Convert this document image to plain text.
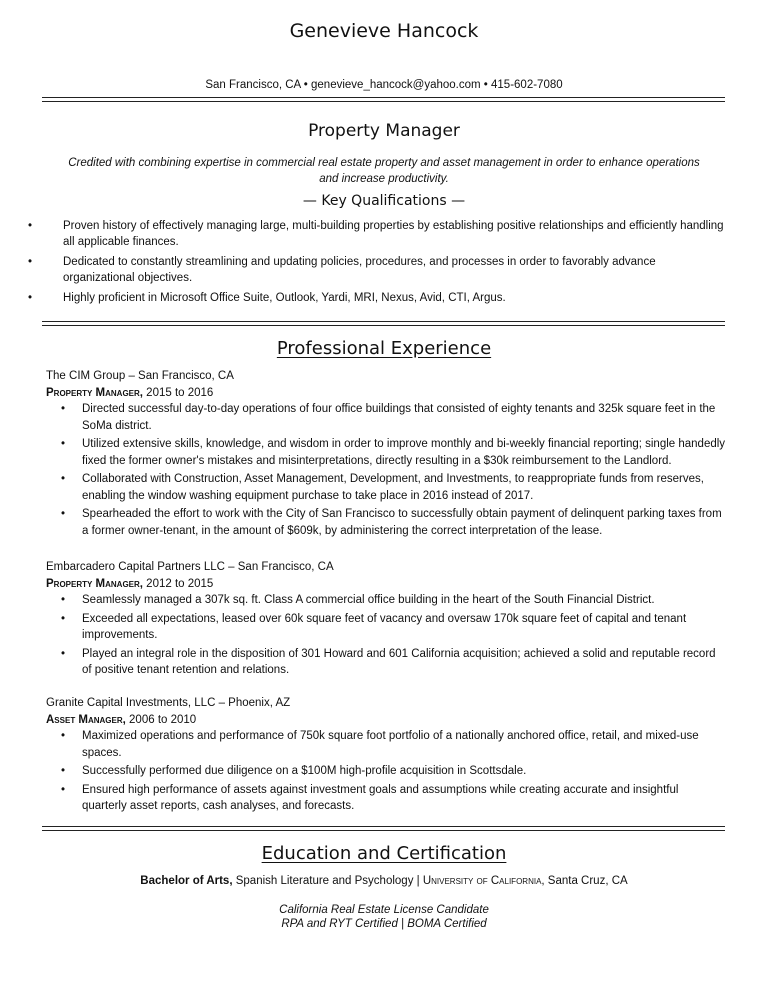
Genevieve Hancock
San Francisco, CA • genevieve_hancock@yahoo.com • 415-602-7080
Property Manager
Credited with combining expertise in commercial real estate property and asset management in order to enhance operations and increase productivity.
— Key Qualifications —
•	Proven history of effectively managing large, multi-building properties by establishing positive relationships and efficiently handling all applicable finances.
•	Dedicated to constantly streamlining and updating policies, procedures, and processes in order to favorably advance organizational objectives.
•	Highly proficient in Microsoft Office Suite, Outlook, Yardi, MRI, Nexus, Avid, CTI, Argus.
Professional Experience

The CIM Group – San Francisco, CA

Property Manager, 2015 to 2016

• Directed successful day-to-day operations of four office buildings that consisted of eighty tenants and 325k square feet in the SoMa district.
• Utilized extensive skills, knowledge, and wisdom in order to improve monthly and bi-weekly financial reporting; single handedly fixed the former owner's mistakes and misinterpretations, directly resulting in a $30k reimbursement to the Landlord.
• Collaborated with Construction, Asset Management, Development, and Investments, to reappropriate funds from reserves, enabling the window washing equipment purchase to take place in 2016 instead of 2017.
• Spearheaded the effort to work with the City of San Francisco to successfully obtain payment of delinquent parking taxes from a former owner-tenant, in the amount of $609k, by administering the correct interpretation of the lease.

Embarcadero Capital Partners LLC – San Francisco, CA

Property Manager, 2012 to 2015

• Seamlessly managed a 307k sq. ft. Class A commercial office building in the heart of the South Financial District.
• Exceeded all expectations, leased over 60k square feet of vacancy and oversaw 170k square feet of capital and tenant improvements.
• Played an integral role in the disposition of 301 Howard and 601 California acquisition; achieved a solid and reputable record of positive tenant retention and relations.

Granite Capital Investments, LLC – Phoenix, AZ

Asset Manager, 2006 to 2010

• Maximized operations and performance of 750k square foot portfolio of a nationally anchored office, retail, and mixed-use spaces.
• Successfully performed due diligence on a $100M high-profile acquisition in Scottsdale.
• Ensured high performance of assets against investment goals and assumptions while creating accurate and insightful quarterly asset reports, cash analyses, and forecasts.
Education and Certification
Bachelor of Arts, Spanish Literature and Psychology | University of California, Santa Cruz, CA
California Real Estate License Candidate
RPA and RYT Certified | BOMA Certified
